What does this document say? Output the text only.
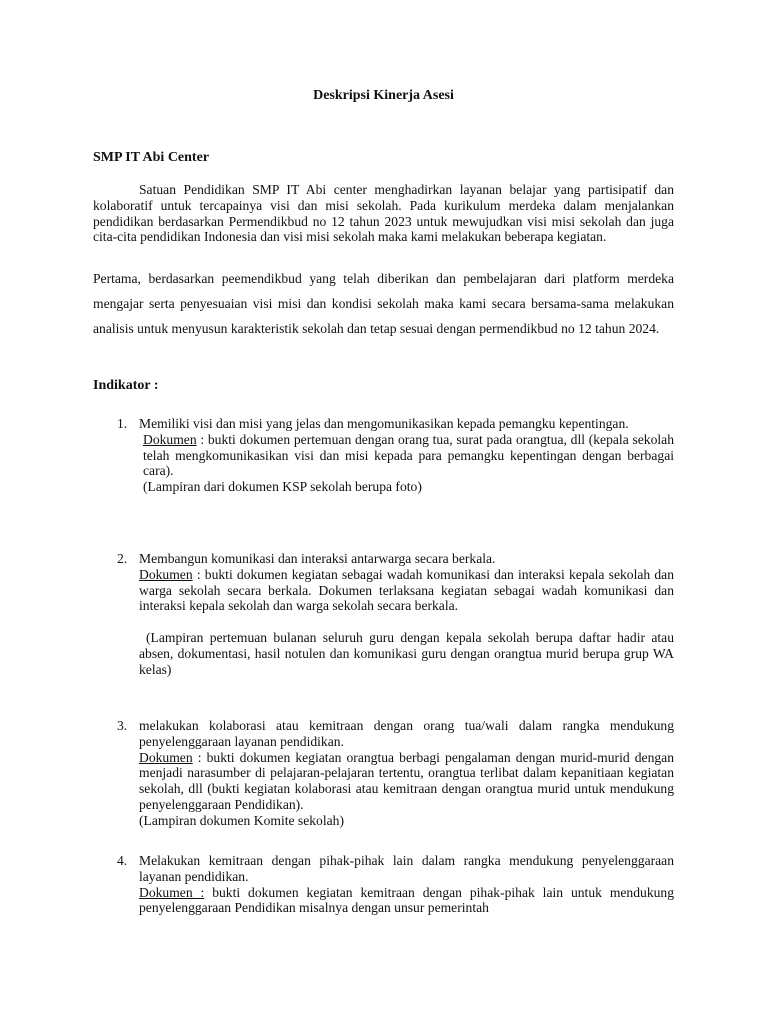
Deskripsi Kinerja Asesi
SMP IT Abi Center

Satuan Pendidikan SMP IT Abi center menghadirkan layanan belajar yang partisipatif dan kolaboratif untuk tercapainya visi dan misi sekolah. Pada kurikulum merdeka dalam menjalankan pendidikan berdasarkan Permendikbud no 12 tahun 2023 untuk mewujudkan visi misi sekolah dan juga cita-cita pendidikan Indonesia dan visi misi sekolah maka kami melakukan beberapa kegiatan.

Pertama, berdasarkan peemendikbud yang telah diberikan dan pembelajaran dari platform merdeka mengajar serta penyesuaian visi misi dan kondisi sekolah maka kami secara bersama-sama melakukan analisis untuk menyusun karakteristik sekolah dan tetap sesuai dengan permendikbud no 12 tahun 2024.

Indikator :
1. Memiliki visi dan misi yang jelas dan mengomunikasikan kepada pemangku kepentingan.
Dokumen : bukti dokumen pertemuan dengan orang tua, surat pada orangtua, dll (kepala sekolah telah mengkomunikasikan visi dan misi kepada para pemangku kepentingan dengan berbagai cara).
(Lampiran dari dokumen KSP sekolah berupa foto)
2. Membangun komunikasi dan interaksi antarwarga secara berkala.
Dokumen : bukti dokumen kegiatan sebagai wadah komunikasi dan interaksi kepala sekolah dan warga sekolah secara berkala. Dokumen terlaksana kegiatan sebagai wadah komunikasi dan interaksi kepala sekolah dan warga sekolah secara berkala.
(Lampiran pertemuan bulanan seluruh guru dengan kepala sekolah berupa daftar hadir atau absen, dokumentasi, hasil notulen dan komunikasi guru dengan orangtua murid berupa grup WA kelas)
3. melakukan kolaborasi atau kemitraan dengan orang tua/wali dalam rangka mendukung penyelenggaraan layanan pendidikan.
Dokumen : bukti dokumen kegiatan orangtua berbagi pengalaman dengan murid-murid dengan menjadi narasumber di pelajaran-pelajaran tertentu, orangtua terlibat dalam kepanitiaan kegiatan sekolah, dll (bukti kegiatan kolaborasi atau kemitraan dengan orangtua murid untuk mendukung penyelenggaraan Pendidikan).
(Lampiran dokumen Komite sekolah)
4. Melakukan kemitraan dengan pihak-pihak lain dalam rangka mendukung penyelenggaraan layanan pendidikan.
Dokumen : bukti dokumen kegiatan kemitraan dengan pihak-pihak lain untuk mendukung penyelenggaraan Pendidikan misalnya dengan unsur pemerintah
